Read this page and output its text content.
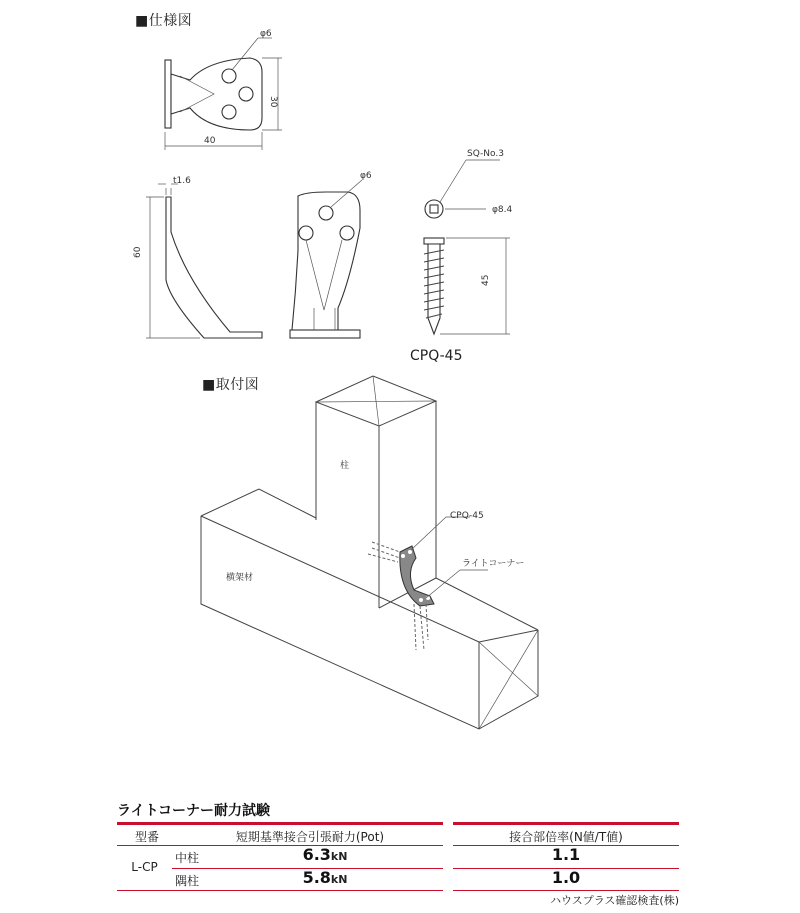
■仕様図
■取付図
φ6
30
40
t1.6
60
φ6
SQ-No.3
φ8.4
45
CPQ-45
柱
横架材
CPQ-45
ライトコーナー
ライトコーナー耐力試験
型番	短期基準接合引張耐力(Pot)	接合部倍率(N値/T値)
L-CP
中柱	6.3kN	1.1
隅柱	5.8kN	1.0
ハウスプラス確認検査(株)
